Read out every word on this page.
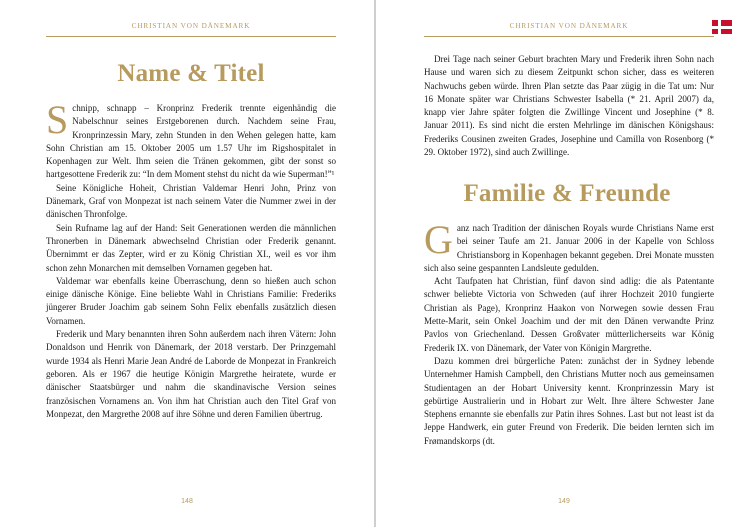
CHRISTIAN VON DÄNEMARK
Name & Titel

Schnipp, schnapp – Kronprinz Frederik trennte eigenhändig die Nabelschnur seines Erstgeborenen durch. Nachdem seine Frau, Kronprinzessin Mary, zehn Stunden in den Wehen gelegen hatte, kam Sohn Christian am 15. Oktober 2005 um 1.57 Uhr im Rigshospitalet in Kopenhagen zur Welt. Ihm seien die Tränen gekommen, gibt der sonst so hartgesottene Frederik zu: “In dem Moment stehst du nicht da wie Superman!”¹

Seine Königliche Hoheit, Christian Valdemar Henri John, Prinz von Dänemark, Graf von Monpezat ist nach seinem Vater die Nummer zwei in der dänischen Thronfolge.

Sein Rufname lag auf der Hand: Seit Generationen werden die männlichen Thronerben in Dänemark abwechselnd Christian oder Frederik genannt. Übernimmt er das Zepter, wird er zu König Christian XI., weil es vor ihm schon zehn Monarchen mit demselben Vornamen gegeben hat.

Valdemar war ebenfalls keine Überraschung, denn so hießen auch schon einige dänische Könige. Eine beliebte Wahl in Christians Familie: Frederiks jüngerer Bruder Joachim gab seinem Sohn Felix ebenfalls zusätzlich diesen Vornamen.

Frederik und Mary benannten ihren Sohn außerdem nach ihren Vätern: John Donaldson und Henrik von Dänemark, der 2018 verstarb. Der Prinzgemahl wurde 1934 als Henri Marie Jean André de Laborde de Monpezat in Frankreich geboren. Als er 1967 die heutige Königin Margrethe heiratete, wurde er dänischer Staatsbürger und nahm die skandinavische Version seines französischen Vornamens an. Von ihm hat Christian auch den Titel Graf von Monpezat, den Margrethe 2008 auf ihre Söhne und deren Familien übertrug.

148
CHRISTIAN VON DÄNEMARK

Drei Tage nach seiner Geburt brachten Mary und Frederik ihren Sohn nach Hause und waren sich zu diesem Zeitpunkt schon sicher, dass es weiteren Nachwuchs geben würde. Ihren Plan setzte das Paar zügig in die Tat um: Nur 16 Monate später war Christians Schwester Isabella (* 21. April 2007) da, knapp vier Jahre später folgten die Zwillinge Vincent und Josephine (* 8. Januar 2011). Es sind nicht die ersten Mehrlinge im dänischen Königshaus: Frederiks Cousinen zweiten Grades, Josephine und Camilla von Rosenborg (* 29. Oktober 1972), sind auch Zwillinge.

Familie & Freunde

Ganz nach Tradition der dänischen Royals wurde Christians Name erst bei seiner Taufe am 21. Januar 2006 in der Kapelle von Schloss Christiansborg in Kopenhagen bekannt gegeben. Drei Monate mussten sich also seine gespannten Landsleute gedulden.

Acht Taufpaten hat Christian, fünf davon sind adlig: die als Patentante schwer beliebte Victoria von Schweden (auf ihrer Hochzeit 2010 fungierte Christian als Page), Kronprinz Haakon von Norwegen sowie dessen Frau Mette-Marit, sein Onkel Joachim und der mit den Dänen verwandte Prinz Pavlos von Griechenland. Dessen Großvater mütterlicherseits war König Frederik IX. von Dänemark, der Vater von Königin Margrethe.

Dazu kommen drei bürgerliche Paten: zunächst der in Sydney lebende Unternehmer Hamish Campbell, den Christians Mutter noch aus gemeinsamen Studientagen an der Hobart University kennt. Kronprinzessin Mary ist gebürtige Australierin und in Hobart zur Welt. Ihre ältere Schwester Jane Stephens ernannte sie ebenfalls zur Patin ihres Sohnes. Last but not least ist da Jeppe Handwerk, ein guter Freund von Frederik. Die beiden lernten sich im Frømandskorps (dt.

149
